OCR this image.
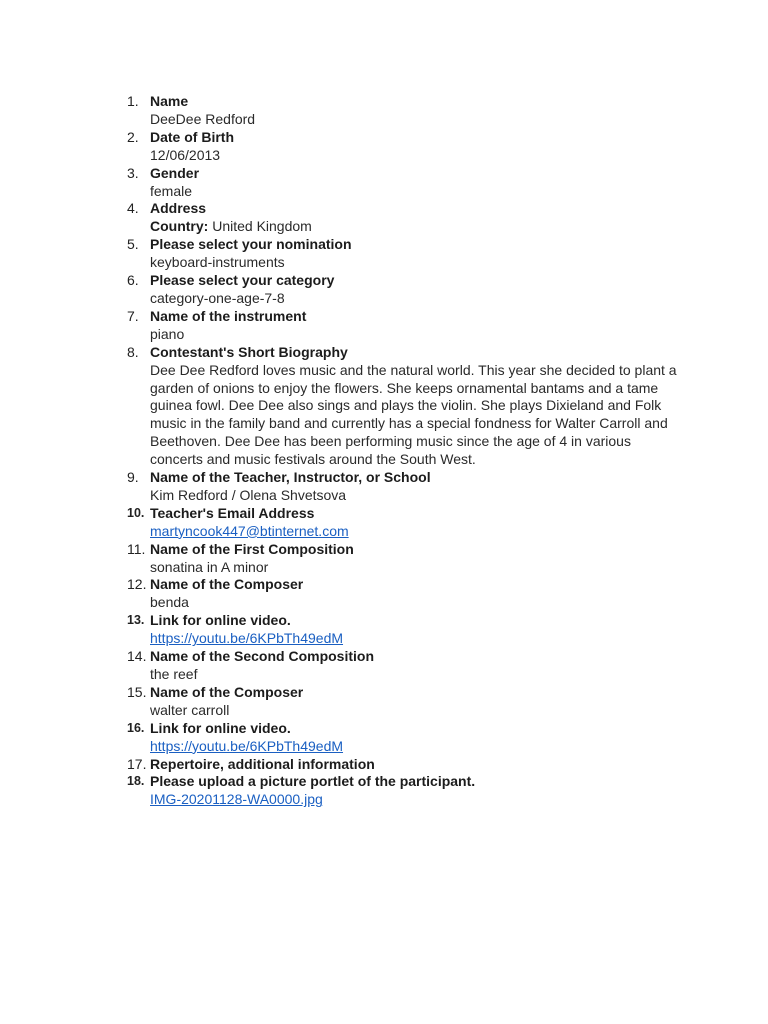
1. Name
DeeDee Redford
2. Date of Birth
12/06/2013
3. Gender
female
4. Address
Country: United Kingdom
5. Please select your nomination
keyboard-instruments
6. Please select your category
category-one-age-7-8
7. Name of the instrument
piano
8. Contestant's Short Biography
Dee Dee Redford loves music and the natural world. This year she decided to plant a garden of onions to enjoy the flowers. She keeps ornamental bantams and a tame guinea fowl. Dee Dee also sings and plays the violin. She plays Dixieland and Folk music in the family band and currently has a special fondness for Walter Carroll and Beethoven. Dee Dee has been performing music since the age of 4 in various concerts and music festivals around the South West.
9. Name of the Teacher, Instructor, or School
Kim Redford / Olena Shvetsova
10. Teacher's Email Address
martyncook447@btinternet.com
11. Name of the First Composition
sonatina in A minor
12. Name of the Composer
benda
13. Link for online video.
https://youtu.be/6KPbTh49edM
14. Name of the Second Composition
the reef
15. Name of the Composer
walter carroll
16. Link for online video.
https://youtu.be/6KPbTh49edM
17. Repertoire, additional information
18. Please upload a picture portlet of the participant.
IMG-20201128-WA0000.jpg
